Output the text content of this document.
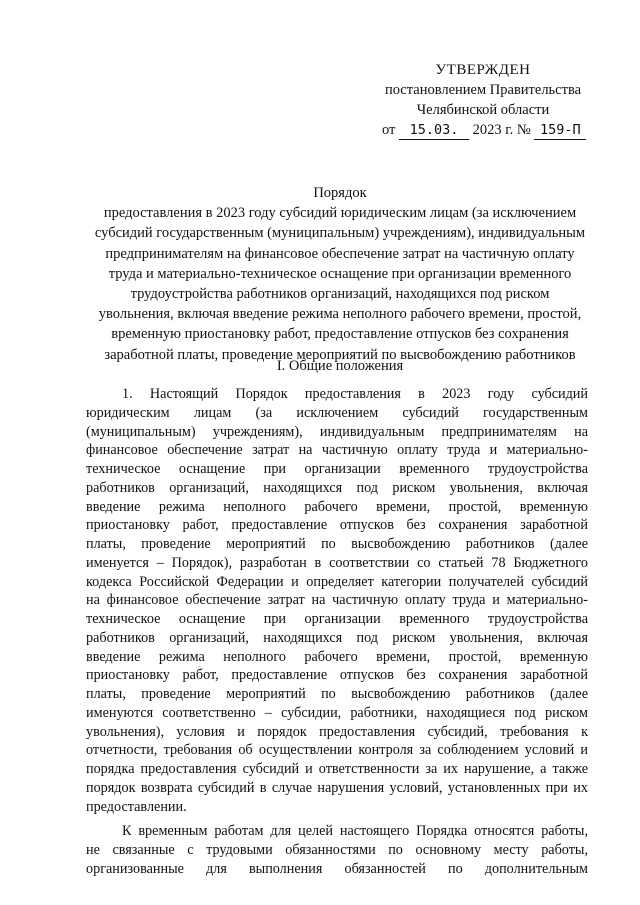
УТВЕРЖДЕН
постановлением Правительства
Челябинской области
от 15.03. 2023 г. № 159-П
Порядок
предоставления в 2023 году субсидий юридическим лицам (за исключением
субсидий государственным (муниципальным) учреждениям), индивидуальным
предпринимателям на финансовое обеспечение затрат на частичную оплату
труда и материально-техническое оснащение при организации временного
трудоустройства работников организаций, находящихся под риском
увольнения, включая введение режима неполного рабочего времени, простой,
временную приостановку работ, предоставление отпусков без сохранения
заработной платы, проведение мероприятий по высвобождению работников
I. Общие положения
1. Настоящий Порядок предоставления в 2023 году субсидий
юридическим лицам (за исключением субсидий государственным
(муниципальным) учреждениям), индивидуальным предпринимателям на
финансовое обеспечение затрат на частичную оплату труда и материально-
техническое оснащение при организации временного трудоустройства
работников организаций, находящихся под риском увольнения, включая
введение режима неполного рабочего времени, простой, временную
приостановку работ, предоставление отпусков без сохранения заработной
платы, проведение мероприятий по высвобождению работников (далее
именуется – Порядок), разработан в соответствии со статьей 78 Бюджетного
кодекса Российской Федерации и определяет категории получателей субсидий
на финансовое обеспечение затрат на частичную оплату труда и материально-
техническое оснащение при организации временного трудоустройства
работников организаций, находящихся под риском увольнения, включая
введение режима неполного рабочего времени, простой, временную
приостановку работ, предоставление отпусков без сохранения заработной
платы, проведение мероприятий по высвобождению работников (далее
именуются соответственно – субсидии, работники, находящиеся под риском
увольнения), условия и порядок предоставления субсидий, требования к
отчетности, требования об осуществлении контроля за соблюдением условий и
порядка предоставления субсидий и ответственности за их нарушение, а также
порядок возврата субсидий в случае нарушения условий, установленных при их
предоставлении.
К временным работам для целей настоящего Порядка относятся работы,
не связанные с трудовыми обязанностями по основному месту работы,
организованные для выполнения обязанностей по дополнительным
